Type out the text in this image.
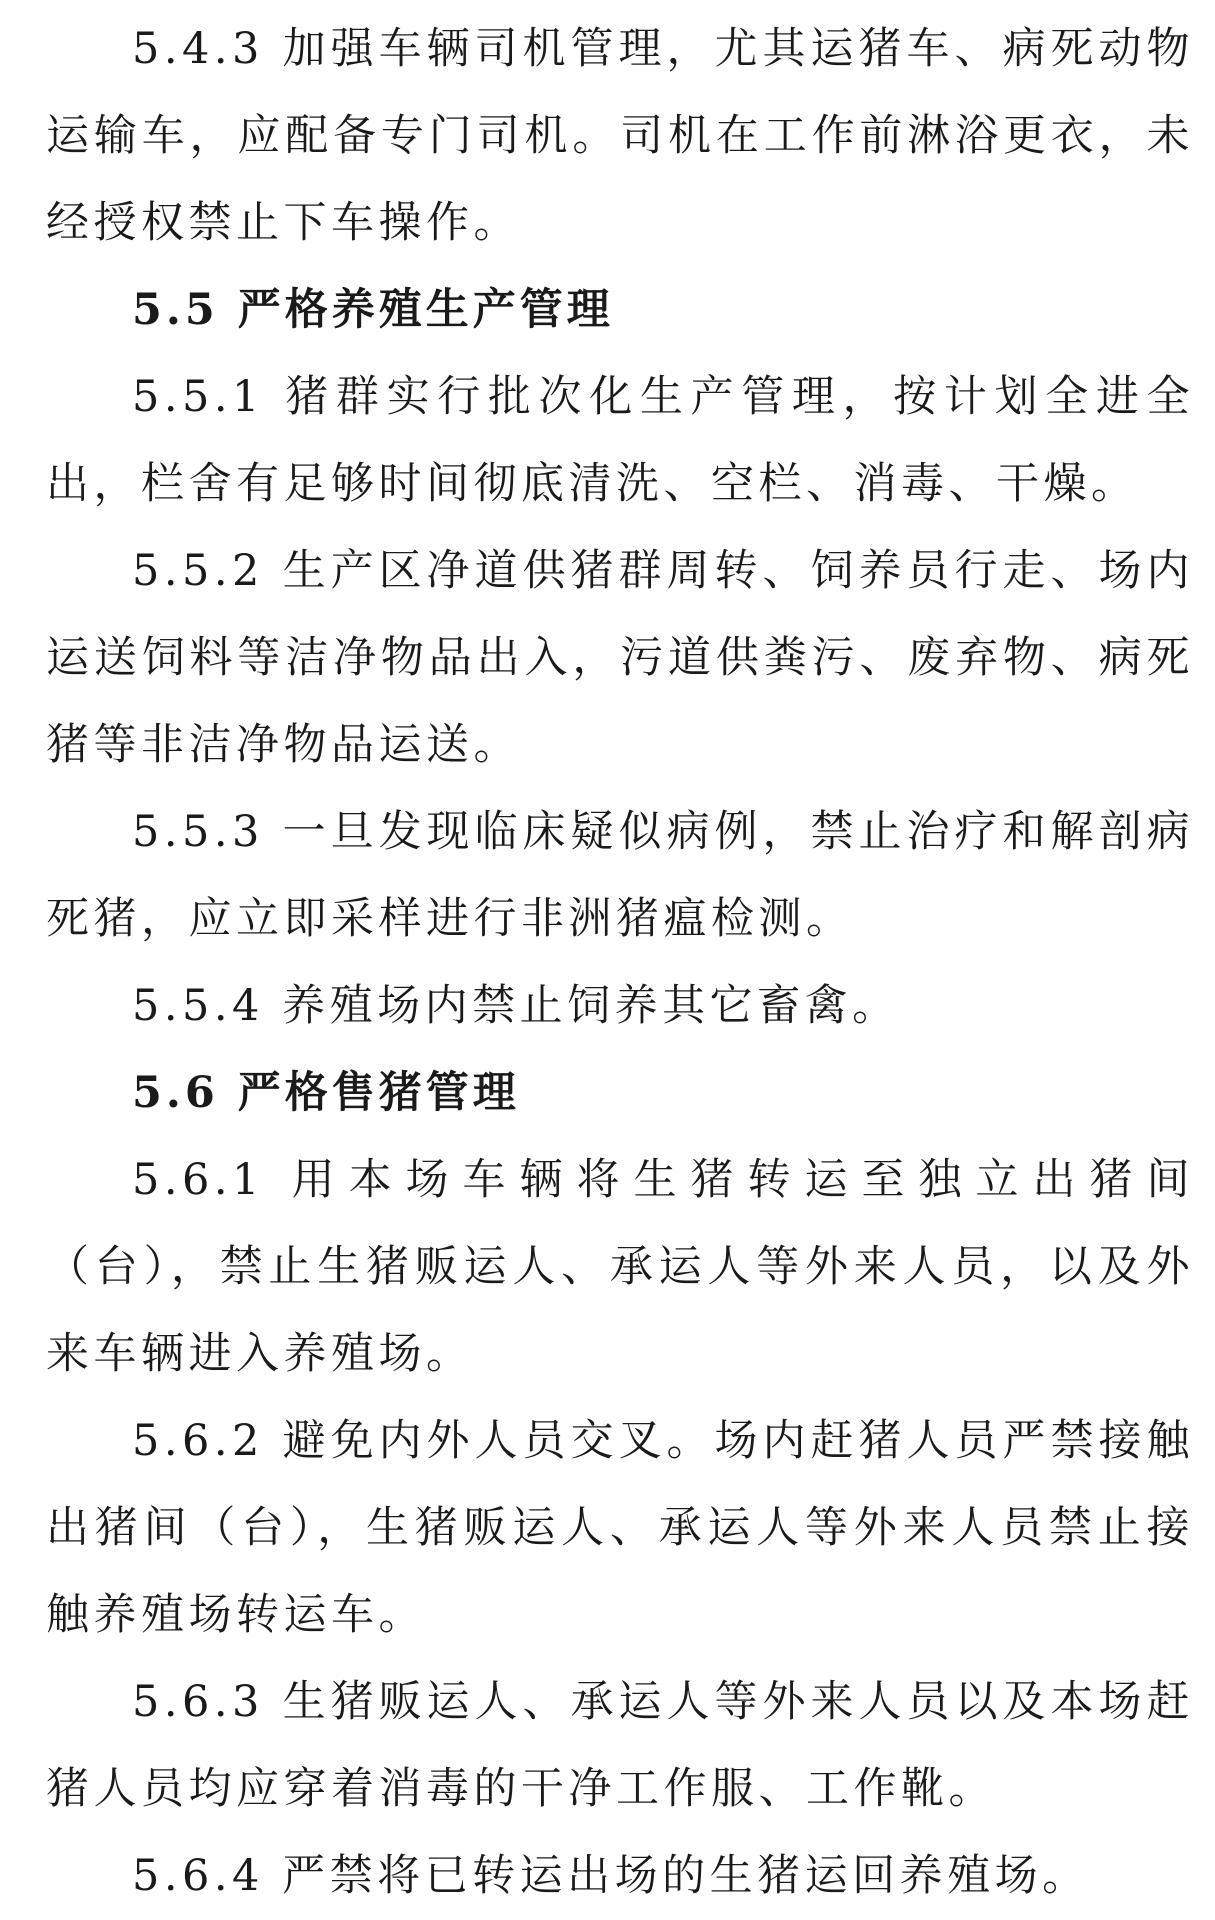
5.4.3 加强车辆司机管理，尤其运猪车、病死动物运输车，应配备专门司机。司机在工作前淋浴更衣，未经授权禁止下车操作。

5.5 严格养殖生产管理

5.5.1 猪群实行批次化生产管理，按计划全进全出，栏舍有足够时间彻底清洗、空栏、消毒、干燥。

5.5.2 生产区净道供猪群周转、饲养员行走、场内运送饲料等洁净物品出入，污道供粪污、废弃物、病死猪等非洁净物品运送。

5.5.3 一旦发现临床疑似病例，禁止治疗和解剖病死猪，应立即采样进行非洲猪瘟检测。

5.5.4 养殖场内禁止饲养其它畜禽。

5.6 严格售猪管理

5.6.1 用本场车辆将生猪转运至独立出猪间（台），禁止生猪贩运人、承运人等外来人员，以及外来车辆进入养殖场。

5.6.2 避免内外人员交叉。场内赶猪人员严禁接触出猪间（台），生猪贩运人、承运人等外来人员禁止接触养殖场转运车。

5.6.3 生猪贩运人、承运人等外来人员以及本场赶猪人员均应穿着消毒的干净工作服、工作靴。

5.6.4 严禁将已转运出场的生猪运回养殖场。
